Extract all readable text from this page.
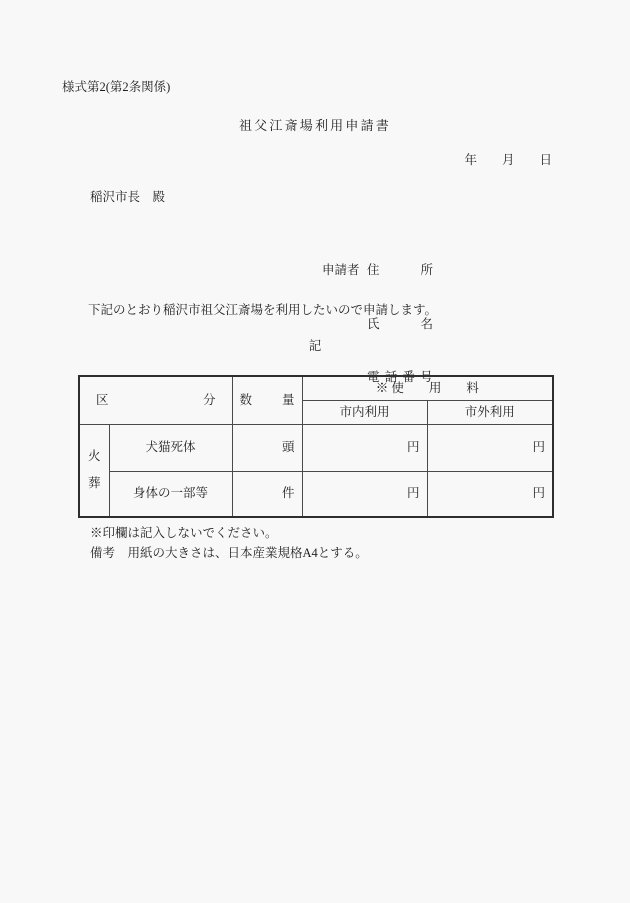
様式第2(第2条関係)
祖父江斎場利用申請書
年　　月　　日
稲沢市長　殿

申請者 住	所

氏	名

電話番号

下記のとおり稲沢市祖父江斎場を利用したいので申請します。
記
区 分		数 量	※ 使　　用　　料	
			市内利用	市外利用

火
葬	犬猫死体	頭	円	円
	身体の一部等	件	円	円
※印欄は記入しないでください。
備考　用紙の大きさは、日本産業規格A4とする。
